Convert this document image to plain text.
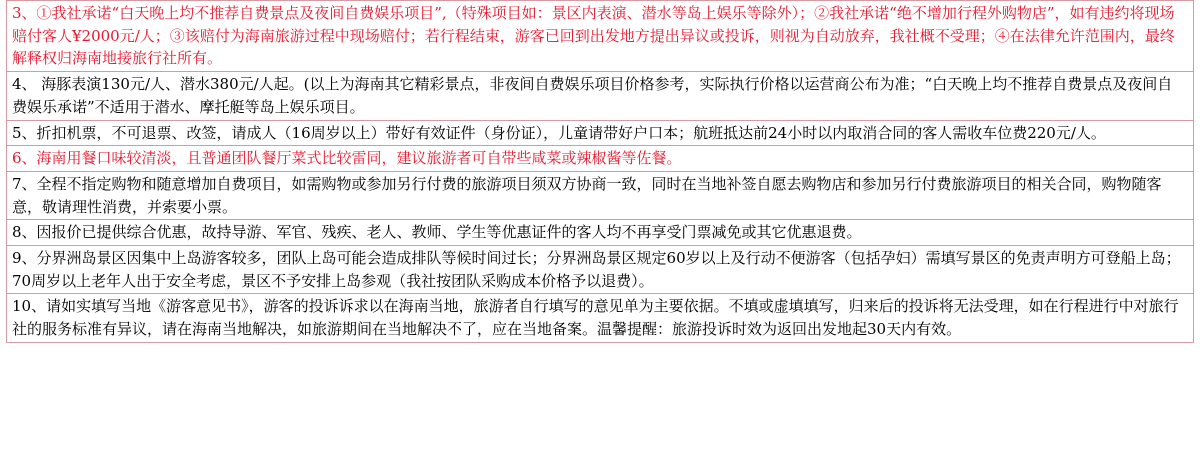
3、①我社承诺“白天晚上均不推荐自费景点及夜间自费娱乐项目”,（特殊项目如：景区内表演、潜水等岛上娱乐等除外）；②我社承诺“绝不增加行程外购物店”，如有违约将现场赔付客人¥2000元/人；③该赔付为海南旅游过程中现场赔付；若行程结束，游客已回到出发地方提出异议或投诉，则视为自动放弃，我社概不受理；④在法律允许范围内，最终解释权归海南地接旅行社所有。
4、 海豚表演130元/人、潜水380元/人起。(以上为海南其它精彩景点，非夜间自费娱乐项目价格参考，实际执行价格以运营商公布为准；“白天晚上均不推荐自费景点及夜间自费娱乐承诺”不适用于潜水、摩托艇等岛上娱乐项目。
5、折扣机票，不可退票、改签，请成人（16周岁以上）带好有效证件（身份证），儿童请带好户口本；航班抵达前24小时以内取消合同的客人需收车位费220元/人。
6、海南用餐口味较清淡，且普通团队餐厅菜式比较雷同，建议旅游者可自带些咸菜或辣椒酱等佐餐。
7、全程不指定购物和随意增加自费项目，如需购物或参加另行付费的旅游项目须双方协商一致，同时在当地补签自愿去购物店和参加另行付费旅游项目的相关合同，购物随客意，敬请理性消费，并索要小票。
8、因报价已提供综合优惠，故持导游、军官、残疾、老人、教师、学生等优惠证件的客人均不再享受门票减免或其它优惠退费。
9、分界洲岛景区因集中上岛游客较多，团队上岛可能会造成排队等候时间过长；分界洲岛景区规定60岁以上及行动不便游客（包括孕妇）需填写景区的免责声明方可登船上岛；70周岁以上老年人出于安全考虑，景区不予安排上岛参观（我社按团队采购成本价格予以退费）。
10、请如实填写当地《游客意见书》，游客的投诉诉求以在海南当地，旅游者自行填写的意见单为主要依据。不填或虚填填写，归来后的投诉将无法受理，如在行程进行中对旅行社的服务标准有异议，请在海南当地解决，如旅游期间在当地解决不了，应在当地备案。温馨提醒：旅游投诉时效为返回出发地起30天内有效。
